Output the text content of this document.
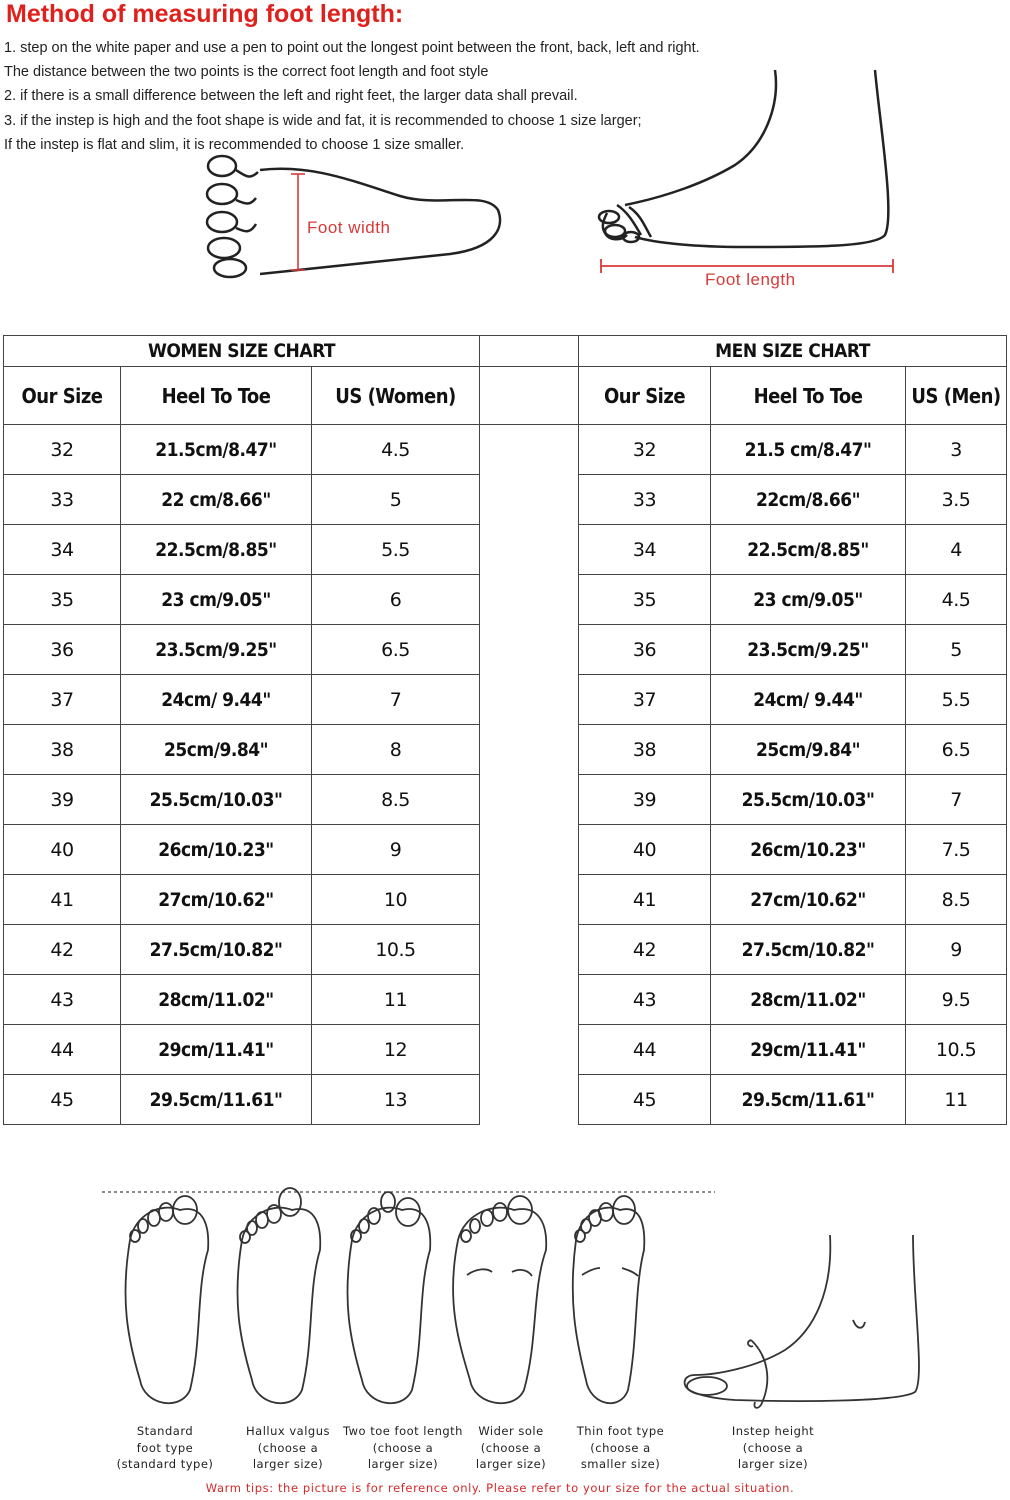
Method of measuring foot length:
1. step on the white paper and use a pen to point out the longest point between the front, back, left and right.
The distance between the two points is the correct foot length and foot style
2. if there is a small difference between the left and right feet, the larger data shall prevail.
3. if the instep is high and the foot shape is wide and fat, it is recommended to choose 1 size larger;
If the instep is flat and slim, it is recommended to choose 1 size smaller.
Foot width
Foot length
WOMEN SIZE CHART				MEN SIZE CHART		
Our Size	Heel To Toe	US (Women)		Our Size	Heel To Toe	US (Men)
32	21.5cm/8.47"	4.5		32	21.5 cm/8.47"	3
33	22 cm/8.66"	5		33	22cm/8.66"	3.5
34	22.5cm/8.85"	5.5		34	22.5cm/8.85"	4
35	23 cm/9.05"	6		35	23 cm/9.05"	4.5
36	23.5cm/9.25"	6.5		36	23.5cm/9.25"	5
37	24cm/ 9.44"	7		37	24cm/ 9.44"	5.5
38	25cm/9.84"	8		38	25cm/9.84"	6.5
39	25.5cm/10.03"	8.5		39	25.5cm/10.03"	7
40	26cm/10.23"	9		40	26cm/10.23"	7.5
41	27cm/10.62"	10		41	27cm/10.62"	8.5
42	27.5cm/10.82"	10.5		42	27.5cm/10.82"	9
43	28cm/11.02"	11		43	28cm/11.02"	9.5
44	29cm/11.41"	12		44	29cm/11.41"	10.5
45	29.5cm/11.61"	13		45	29.5cm/11.61"	11
Standard
foot type
(standard type)
Hallux valgus
(choose a
larger size)
Two toe foot length
(choose a
larger size)
Wider sole
(choose a
larger size)
Thin foot type
(choose a
smaller size)
Instep height
(choose a
larger size)
Warm tips: the picture is for reference only. Please refer to your size for the actual situation.
